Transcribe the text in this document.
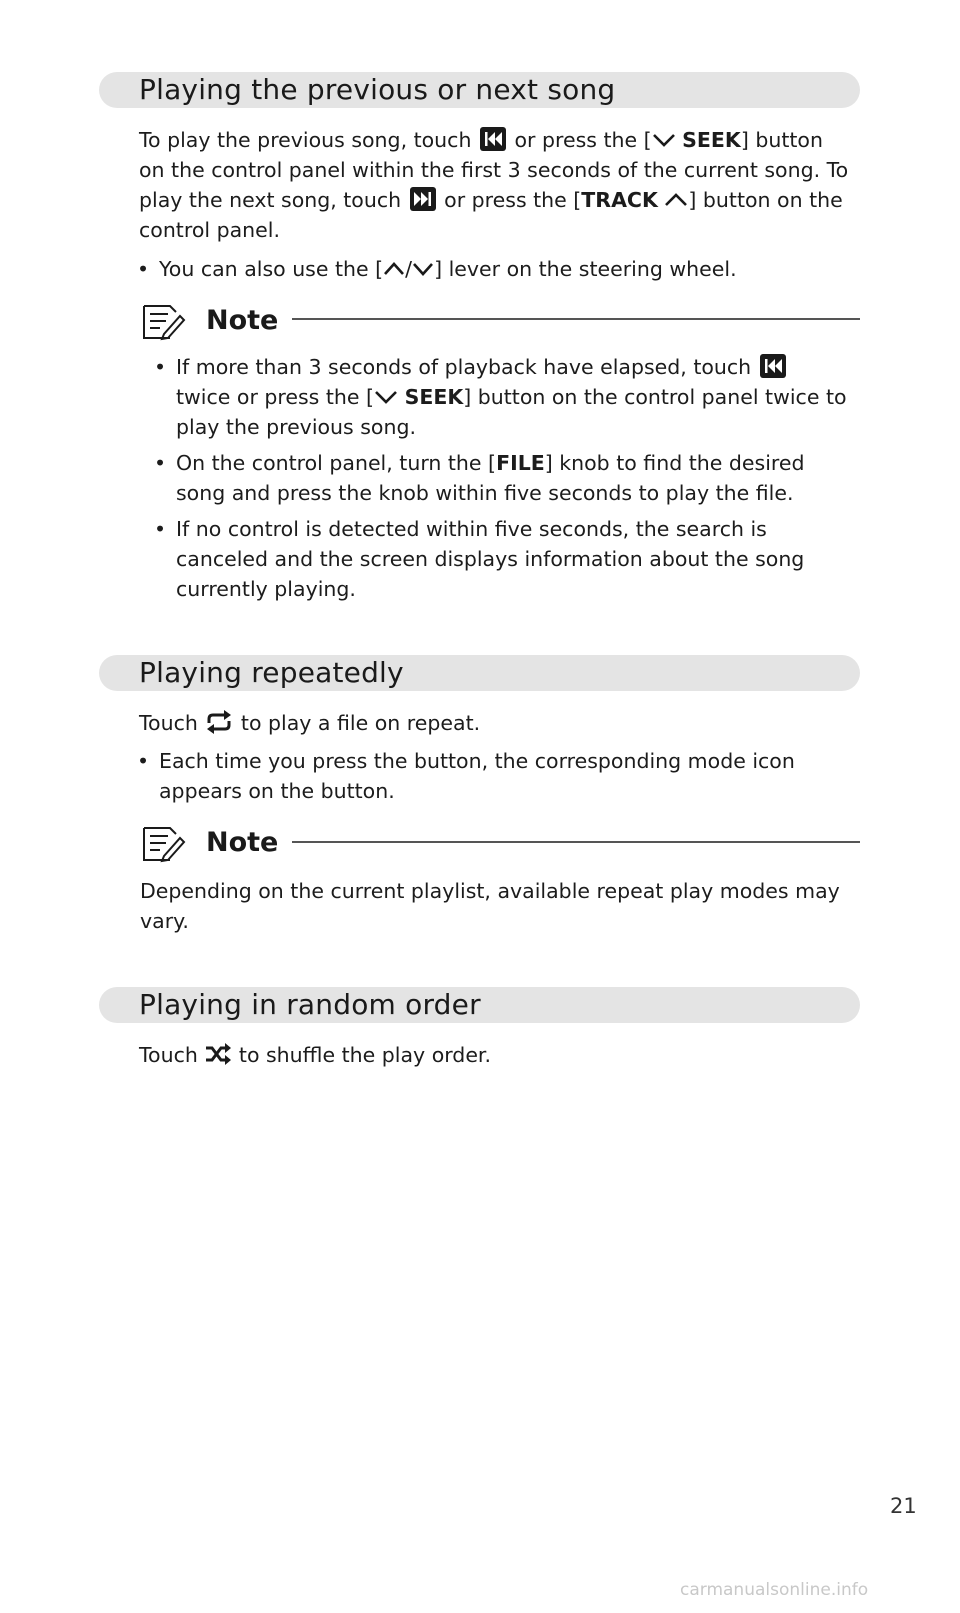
Playing the previous or next song
To play the previous song, touch or press the [ SEEK] button
on the control panel within the first 3 seconds of the current song. To
play the next song, touch or press the [TRACK ] button on the
control panel.
• You can also use the [ / ] lever on the steering wheel.
Note
• If more than 3 seconds of playback have elapsed, touch
twice or press the [ SEEK] button on the control panel twice to
play the previous song.
• On the control panel, turn the [FILE] knob to find the desired
song and press the knob within five seconds to play the file.
• If no control is detected within five seconds, the search is
canceled and the screen displays information about the song
currently playing.
Playing repeatedly
Touch to play a file on repeat.
• Each time you press the button, the corresponding mode icon
appears on the button.
Note
Depending on the current playlist, available repeat play modes may
vary.
Playing in random order
Touch to shuffle the play order.
21
carmanualsonline.info
